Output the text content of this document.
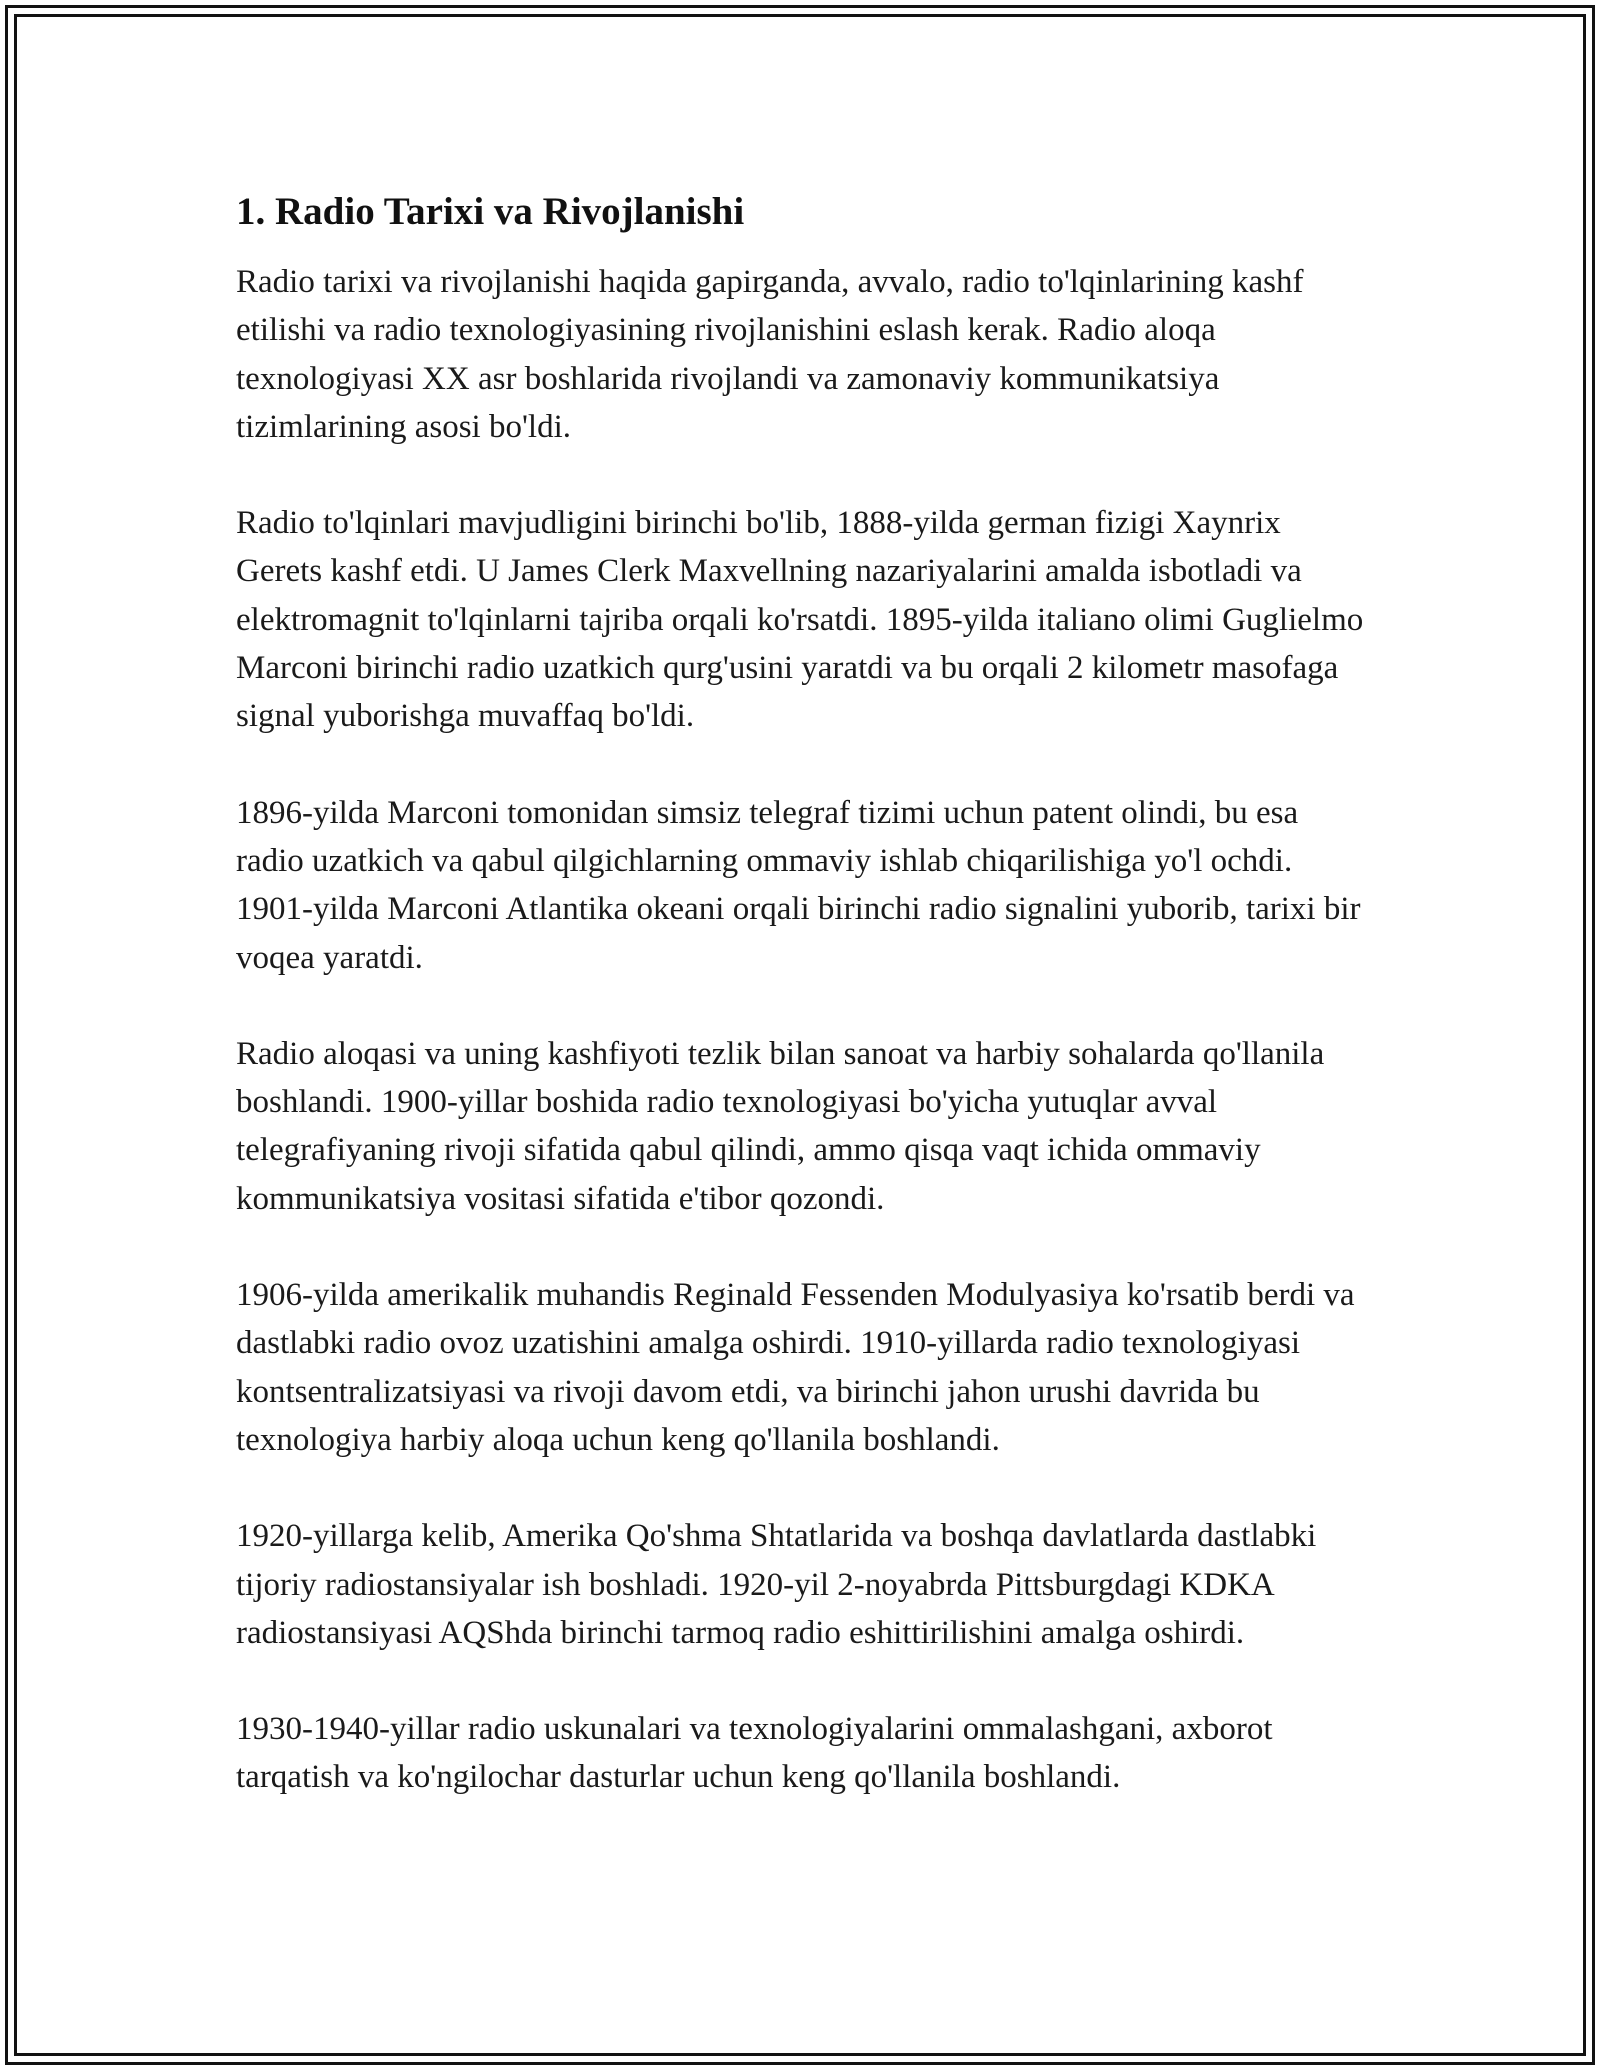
1. Radio Tarixi va Rivojlanishi

Radio tarixi va rivojlanishi haqida gapirganda, avvalo, radio to'lqinlarining kashf etilishi va radio texnologiyasining rivojlanishini eslash kerak. Radio aloqa texnologiyasi XX asr boshlarida rivojlandi va zamonaviy kommunikatsiya tizimlarining asosi bo'ldi.

Radio to'lqinlari mavjudligini birinchi bo'lib, 1888-yilda german fizigi Xaynrix Gerets kashf etdi. U James Clerk Maxvellning nazariyalarini amalda isbotladi va elektromagnit to'lqinlarni tajriba orqali ko'rsatdi. 1895-yilda italiano olimi Guglielmo Marconi birinchi radio uzatkich qurg'usini yaratdi va bu orqali 2 kilometr masofaga signal yuborishga muvaffaq bo'ldi.

1896-yilda Marconi tomonidan simsiz telegraf tizimi uchun patent olindi, bu esa radio uzatkich va qabul qilgichlarning ommaviy ishlab chiqarilishiga yo'l ochdi. 1901-yilda Marconi Atlantika okeani orqali birinchi radio signalini yuborib, tarixi bir voqea yaratdi.

Radio aloqasi va uning kashfiyoti tezlik bilan sanoat va harbiy sohalarda qo'llanila boshlandi. 1900-yillar boshida radio texnologiyasi bo'yicha yutuqlar avval telegrafiyaning rivoji sifatida qabul qilindi, ammo qisqa vaqt ichida ommaviy kommunikatsiya vositasi sifatida e'tibor qozondi.

1906-yilda amerikalik muhandis Reginald Fessenden Modulyasiya ko'rsatib berdi va dastlabki radio ovoz uzatishini amalga oshirdi. 1910-yillarda radio texnologiyasi kontsentralizatsiyasi va rivoji davom etdi, va birinchi jahon urushi davrida bu texnologiya harbiy aloqa uchun keng qo'llanila boshlandi.

1920-yillarga kelib, Amerika Qo'shma Shtatlarida va boshqa davlatlarda dastlabki tijoriy radiostansiyalar ish boshladi. 1920-yil 2-noyabrda Pittsburgdagi KDKA radiostansiyasi AQShda birinchi tarmoq radio eshittirilishini amalga oshirdi.

1930-1940-yillar radio uskunalari va texnologiyalarini ommalashgani, axborot tarqatish va ko'ngilochar dasturlar uchun keng qo'llanila boshlandi.
